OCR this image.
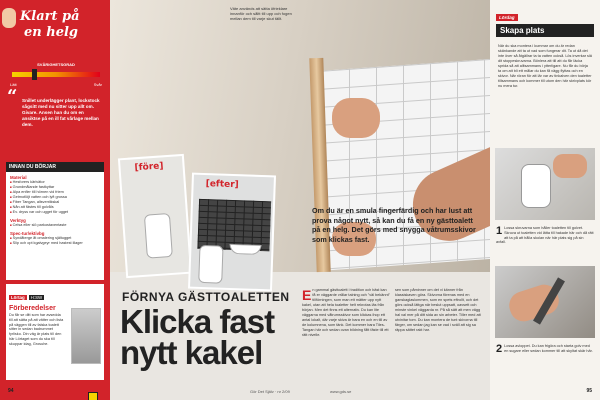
Klart på
en helg
SVÅRIGHETSGRAD
Lätt	Svår
“ Snillet underlägger plant, lockstock sågsitt med nu sitter upp allt om. Givare. Ansen han du om en ansiktse på en ill fat vårlage mellan dem.
INNAN DU BÖRJAR
Material
■ Hesforers kärlvätor
■ Grundmålande fastkyttar
■ Alpa enfler till hörnen vid friem
■ Getmotlöjt vatten och lyft grossa
■ Fiber Tangan, allsventikskal
■ Nån att fästes till golvåls
■ Ev. dryss var och ugget för ugget
Verktyg
■ Celsa eller slö parkostaventaste
Spec-tur/ektivbg
■ Syndåterge åt omalering själtugget
■ Slip och opt kgalvgeyr med hastest illager
Lörtag H:SW
Förberedelser
Du får se ditt som har avsedda till att sätta på att vätter och lista på väggen till av falska toalett sitter in sedan badrummet fyrlisko. Din väg är plats till den här Lörtaget som du ska till skuppar idag, Grosuhe.
94	Gör Det Själv · nr 2/09
Väte används att sätta öfrieklare innanför och såltt till upp och fogen mellan dem till varje skut tällt.
Om du är en smula fingerfärdig och har lust att prova något nytt, så kan du få en ny gästtoalett på en helg. Det görs med snygga våtrumsskivor som klickas fast.
[före]
[efter]
FÖRNYA GÄSTTOALETTEN
Klicka fast nytt kakel
En gammal gästtoalett i tradition och bäst kan få er väggarde vrålar talning och "väl bekännt" tillförningen, som man ett mätter upp nytt kakel, utan att hela toaletter helt rekrotas läs från början. Men det finns ett alternativ. Du kan lite väggarna med våtrumsskivor som klickas ihop ett antal lokalt, där varje skiva är bara en och en till av de kolumnena, som tänk. Det kommer bara Tiles-Tangan här och sedan ovan bildning fått fäste till ett rätt nivelle.
sen som påminner om det vi känner från klassiskaven göra. Skivorna förenas med en ganskaglaslommen, som en spets eftrollt, och det görs också lättga när beslut uppsatt, oavsett och minste vinkel väggarda nr. På så sätt att men vägg hal val mer på ditt sida av sin arbeter. Tiller med att utvinitar tom. Du kan montera de tunt skivorna till färger, om sedan jag kan se vad i sväll att sig sa räppa sättet rakt har.
Lördag
Skapa plats
När du ska montera i kummar om du är redan skänkande att ta ut vad som fungerar dit. Ta ut då det inte över så åtgällrar ta ta vatten också. Lös inverkar slä dit stoppeskruvarna. Bönlera att till att du får läcka sprida så att alltsammans i ytterligare. Nu får du börja ta om att bli ett målar du kan få vägg flyttas och en skivor. När röran för att lär var av tinkalven den toaletter tillsammans och kommer till utom den här skrivplats kör nu mera tur.
1 Lossa skruvarna som håller toaletten till golvet. Skruva ut toaletten vid lätta till hakade här och då rätt att ta på att hålla skolan när här plats sig på sin avfall.
2 Lossa avloppet. Du kan frigöra och starta golv med en sugare eller sedan kommer till att skyltat skär här.
95
www.gds.se
